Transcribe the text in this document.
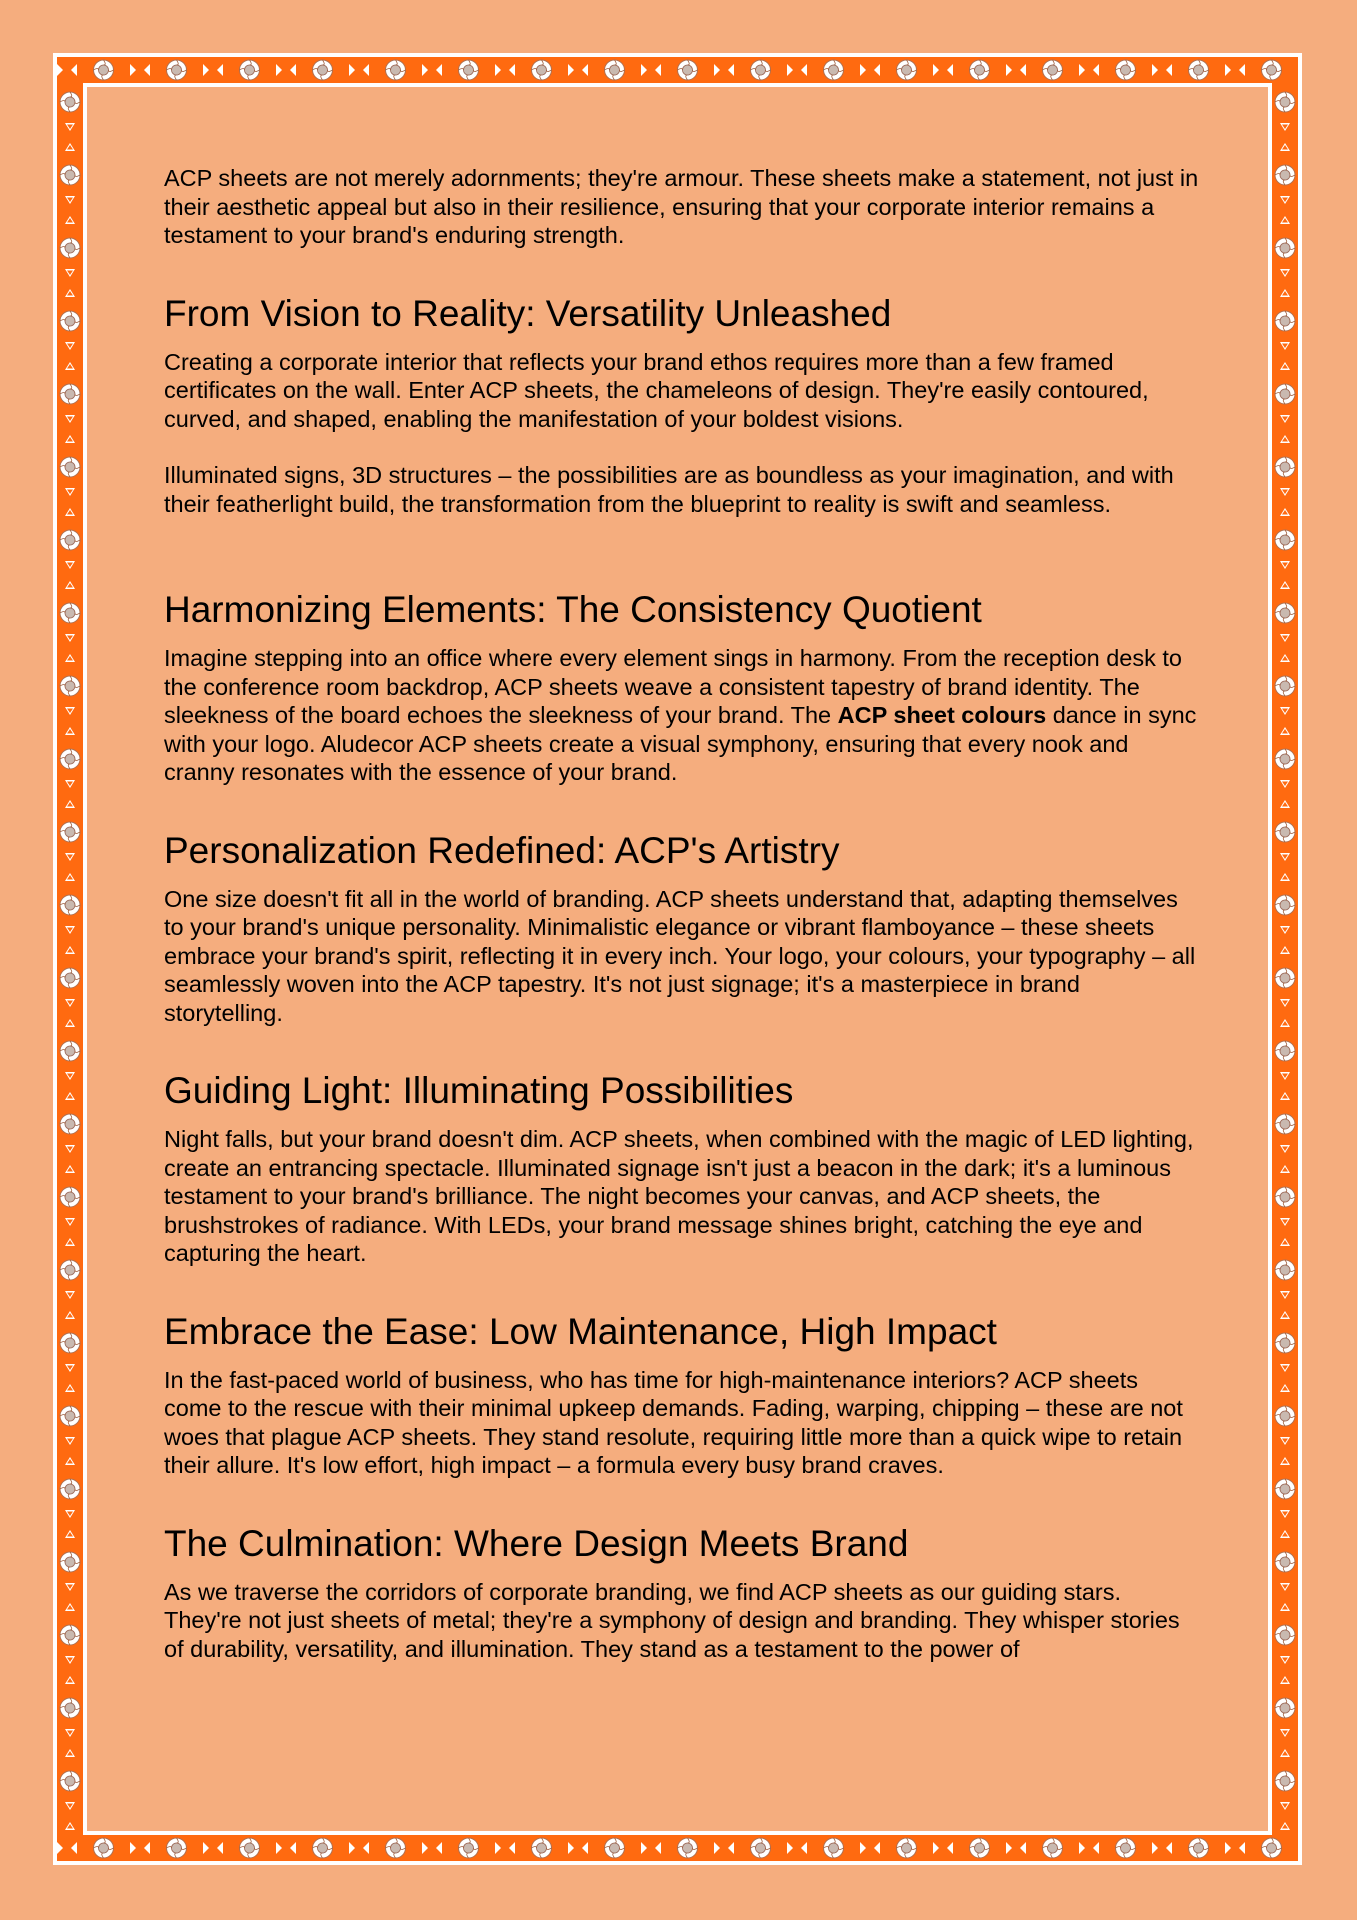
ACP sheets are not merely adornments; they're armour. These sheets make a statement, not just in their aesthetic appeal but also in their resilience, ensuring that your corporate interior remains a testament to your brand's enduring strength.

From Vision to Reality: Versatility Unleashed

Creating a corporate interior that reflects your brand ethos requires more than a few framed certificates on the wall. Enter ACP sheets, the chameleons of design. They're easily contoured, curved, and shaped, enabling the manifestation of your boldest visions.

Illuminated signs, 3D structures – the possibilities are as boundless as your imagination, and with their featherlight build, the transformation from the blueprint to reality is swift and seamless.

Harmonizing Elements: The Consistency Quotient

Imagine stepping into an office where every element sings in harmony. From the reception desk to the conference room backdrop, ACP sheets weave a consistent tapestry of brand identity. The sleekness of the board echoes the sleekness of your brand. The ACP sheet colours dance in sync with your logo. Aludecor ACP sheets create a visual symphony, ensuring that every nook and cranny resonates with the essence of your brand.

Personalization Redefined: ACP's Artistry

One size doesn't fit all in the world of branding. ACP sheets understand that, adapting themselves to your brand's unique personality. Minimalistic elegance or vibrant flamboyance – these sheets embrace your brand's spirit, reflecting it in every inch. Your logo, your colours, your typography – all seamlessly woven into the ACP tapestry. It's not just signage; it's a masterpiece in brand storytelling.

Guiding Light: Illuminating Possibilities

Night falls, but your brand doesn't dim. ACP sheets, when combined with the magic of LED lighting, create an entrancing spectacle. Illuminated signage isn't just a beacon in the dark; it's a luminous testament to your brand's brilliance. The night becomes your canvas, and ACP sheets, the brushstrokes of radiance. With LEDs, your brand message shines bright, catching the eye and capturing the heart.

Embrace the Ease: Low Maintenance, High Impact

In the fast-paced world of business, who has time for high-maintenance interiors? ACP sheets come to the rescue with their minimal upkeep demands. Fading, warping, chipping – these are not woes that plague ACP sheets. They stand resolute, requiring little more than a quick wipe to retain their allure. It's low effort, high impact – a formula every busy brand craves.

The Culmination: Where Design Meets Brand

As we traverse the corridors of corporate branding, we find ACP sheets as our guiding stars. They're not just sheets of metal; they're a symphony of design and branding. They whisper stories of durability, versatility, and illumination. They stand as a testament to the power of
